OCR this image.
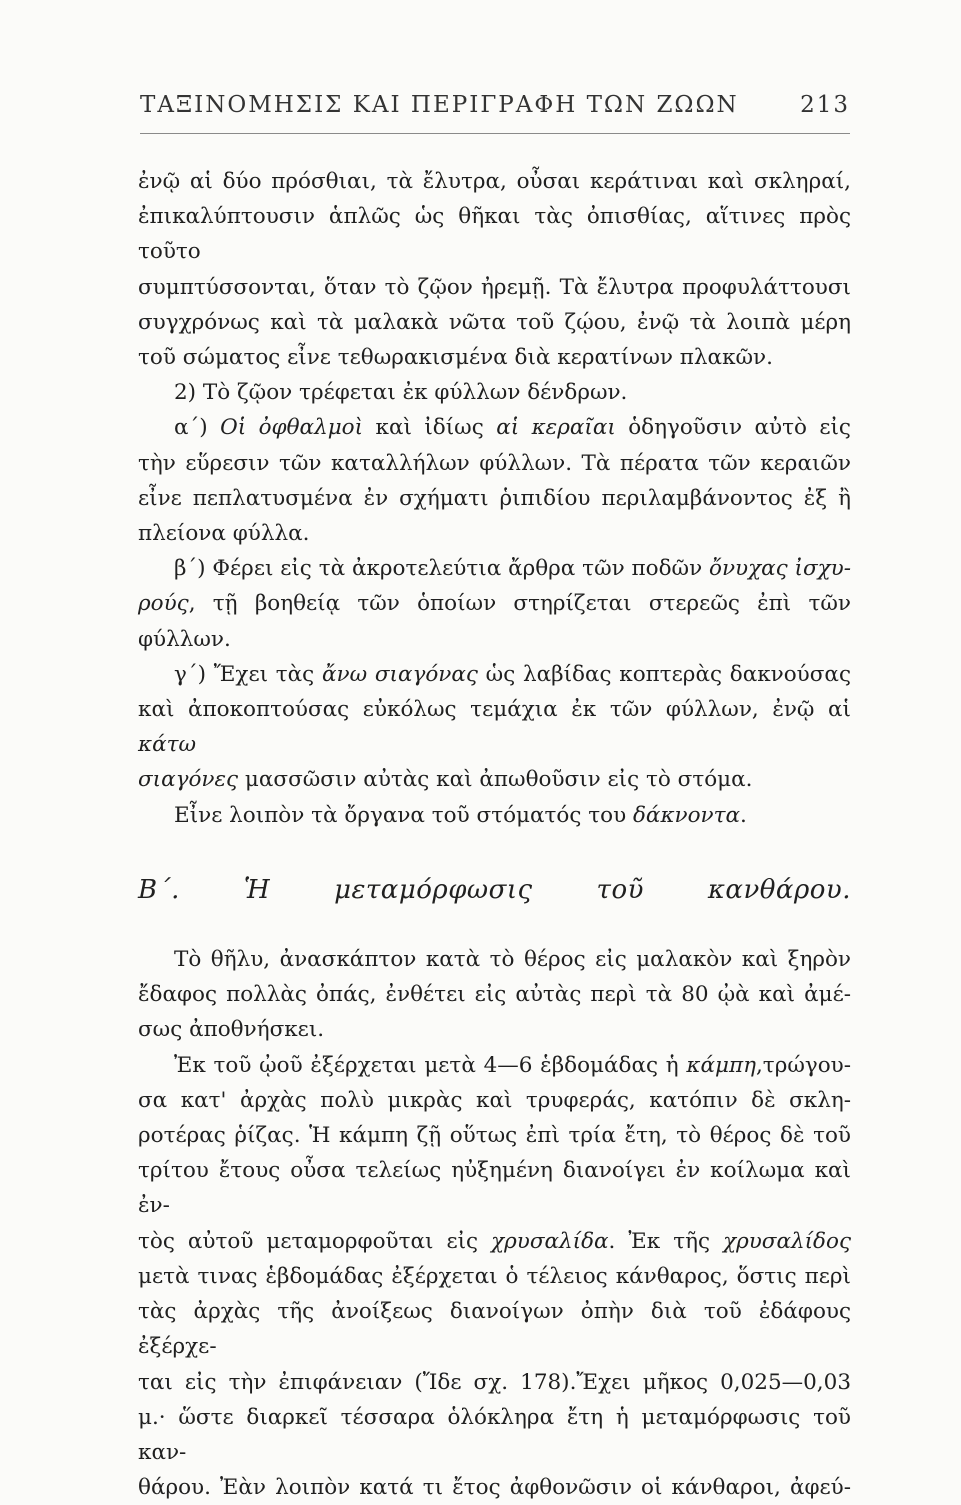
ΤΑΞΙΝΟΜΗΣΙΣ ΚΑΙ ΠΕΡΙΓΡΑΦΗ ΤΩΝ ΖΩΩΝ	213

ἐνῷ αἱ δύο πρόσθιαι, τὰ ἔλυτρα, οὖσαι κεράτιναι καὶ σκληραί,

ἐπικαλύπτουσιν ἁπλῶς ὡς θῆκαι τὰς ὀπισθίας, αἵτινες πρὸς τοῦτο

συμπτύσσονται, ὅταν τὸ ζῷον ἠρεμῇ. Τὰ ἔλυτρα προφυλάττουσι

συγχρόνως καὶ τὰ μαλακὰ νῶτα τοῦ ζῴου, ἐνῷ τὰ λοιπὰ μέρη

τοῦ σώματος εἶνε τεθωρακισμένα διὰ κερατίνων πλακῶν.

2) Τὸ ζῷον τρέφεται ἐκ φύλλων δένδρων.

α΄) Οἱ ὀφθαλμοὶ καὶ ἰδίως αἱ κεραῖαι ὁδηγοῦσιν αὐτὸ εἰς

τὴν εὕρεσιν τῶν καταλλήλων φύλλων. Τὰ πέρατα τῶν κεραιῶν

εἶνε πεπλατυσμένα ἐν σχήματι ῥιπιδίου περιλαμβάνοντος ἐξ ἢ

πλείονα φύλλα.

β΄) Φέρει εἰς τὰ ἀκροτελεύτια ἄρθρα τῶν ποδῶν ὄνυχας ἰσχυ-

ρούς, τῇ βοηθείᾳ τῶν ὁποίων στηρίζεται στερεῶς ἐπὶ τῶν φύλλων.

γ΄) Ἔχει τὰς ἄνω σιαγόνας ὡς λαβίδας κοπτερὰς δακνούσας

καὶ ἀποκοπτούσας εὐκόλως τεμάχια ἐκ τῶν φύλλων, ἐνῷ αἱ κάτω

σιαγόνες μασσῶσιν αὐτὰς καὶ ἀπωθοῦσιν εἰς τὸ στόμα.

Εἶνε λοιπὸν τὰ ὄργανα τοῦ στόματός του δάκνοντα.

Β΄. Ἡ μεταμόρφωσις τοῦ κανθάρου.

Τὸ θῆλυ, ἀνασκάπτον κατὰ τὸ θέρος εἰς μαλακὸν καὶ ξηρὸν

ἔδαφος πολλὰς ὀπάς, ἐνθέτει εἰς αὐτὰς περὶ τὰ 80 ᾠὰ καὶ ἀμέ-

σως ἀποθνήσκει.

Ἐκ τοῦ ᾠοῦ ἐξέρχεται μετὰ 4—6 ἑβδομάδας ἡ κάμπη,τρώγου-

σα κατ' ἀρχὰς πολὺ μικρὰς καὶ τρυφεράς, κατόπιν δὲ σκλη-

ροτέρας ῥίζας. Ἡ κάμπη ζῇ οὕτως ἐπὶ τρία ἔτη, τὸ θέρος δὲ τοῦ

τρίτου ἔτους οὖσα τελείως ηὐξημένη διανοίγει ἐν κοίλωμα καὶ ἐν-

τὸς αὐτοῦ μεταμορφοῦται εἰς χρυσαλίδα. Ἐκ τῆς χρυσαλίδος

μετὰ τινας ἑβδομάδας ἐξέρχεται ὁ τέλειος κάνθαρος, ὅστις περὶ

τὰς ἀρχὰς τῆς ἀνοίξεως διανοίγων ὀπὴν διὰ τοῦ ἐδάφους ἐξέρχε-

ται εἰς τὴν ἐπιφάνειαν (Ἴδε σχ. 178).Ἔχει μῆκος 0,025—0,03

μ.· ὥστε διαρκεῖ τέσσαρα ὁλόκληρα ἔτη ἡ μεταμόρφωσις τοῦ καν-

θάρου. Ἐὰν λοιπὸν κατά τι ἔτος ἀφθονῶσιν οἱ κάνθαροι, ἀφεύ-
